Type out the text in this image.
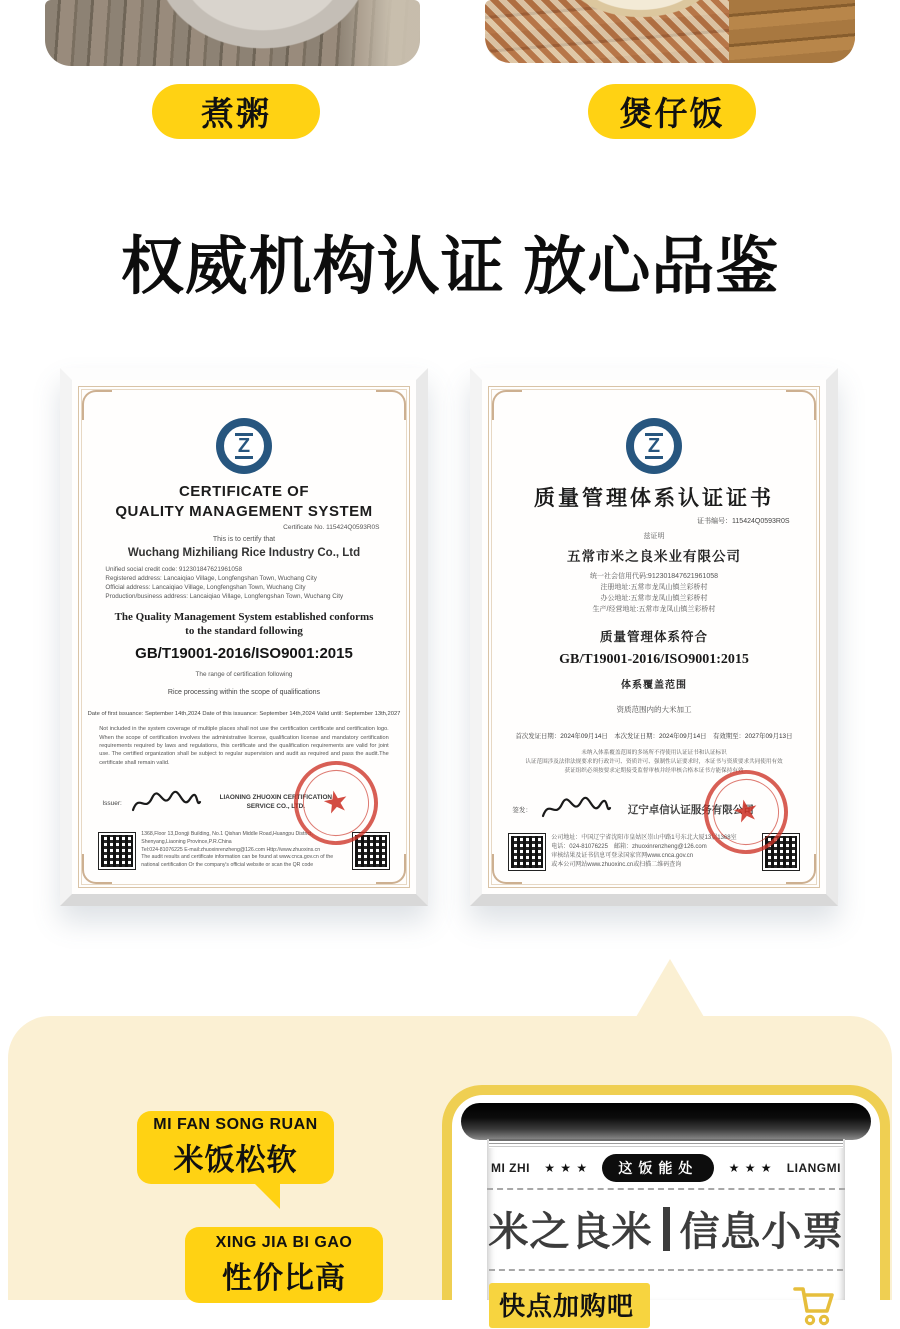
煮粥	煲仔饭
权威机构认证 放心品鉴
Z
CERTIFICATE OF
QUALITY MANAGEMENT SYSTEM
Certificate No. 115424Q0593R0S
This is to certify that
Wuchang Mizhiliang Rice Industry Co., Ltd
Unified social credit code: 912301847621961058
Registered address: Lancaiqiao Village, Longfengshan Town, Wuchang City
Official address: Lancaiqiao Village, Longfengshan Town, Wuchang City
Production/business address: Lancaiqiao Village, Longfengshan Town, Wuchang City
The Quality Management System established conforms to the standard following
GB/T19001-2016/ISO9001:2015
The range of certification following
Rice processing within the scope of qualifications
Date of first issuance: September 14th,2024 Date of this issuance: September 14th,2024 Valid until: September 13th,2027
Not included in the system coverage of multiple places shall not use the certification certificate and certification logo. When the scope of certification involves the administrative license, qualification license and mandatory certification requirements required by laws and regulations, this certificate and the qualification requirements are valid for joint use. The certified organization shall be subject to regular supervision and audit as required and pass the audit.The certificate shall remain valid.
Issuer:
LIAONING ZHUOXIN CERTIFICATION SERVICE CO., LTD. ★
1368,Floor 13,Dongji Building, No.1 Qishan Middle Road,Huangpu District, Shenyang,Liaoning Province,P.R.China
Tel:024-81076225 E-mail:zhuoxinrenzheng@126.com Http://www.zhuoxins.cn
The audit results and certificate information can be found at www.cnca.gov.cn of the national certification Or the company's official website or scan the QR code
Z
质量管理体系认证证书
证书编号：115424Q0593R0S
兹证明
五常市米之良米业有限公司
统一社会信用代码:912301847621961058
注册地址:五常市龙凤山镇兰彩桥村
办公地址:五常市龙凤山镇兰彩桥村
生产/经营地址:五常市龙凤山镇兰彩桥村
质量管理体系符合
GB/T19001-2016/ISO9001:2015
体系覆盖范围
资质范围内的大米加工
首次发证日期：2024年09月14日　本次发证日期：2024年09月14日　有效期至：2027年09月13日
未纳入体系覆盖范围的多场所不得使用认证证书和认证标识
认证范围涉及法律法规要求的行政许可、资质许可、强制性认证要求时，本证书与资质要求共同使用有效
获证组织必须按要求定期接受监督审核并经审核合格本证书方能保持有效
签发：	辽宁卓信认证服务有限公司
★
公司地址：中国辽宁省沈阳市皇姑区崇山中路1号东北大厦13层1368室
电话：024-81076225　邮箱：zhuoxinrenzheng@126.com
审核结果及证书信息可登录国家官网www.cnca.gov.cn
或本公司网站www.zhuoxinc.cn或扫描二维码查询
MI FAN SONG RUAN
米饭松软
XING JIA BI GAO
性价比高
MI ZHI ★ ★ ★	这饭能处	★ ★ ★ LIANGMI
米之良米 信息小票
快点加购吧
